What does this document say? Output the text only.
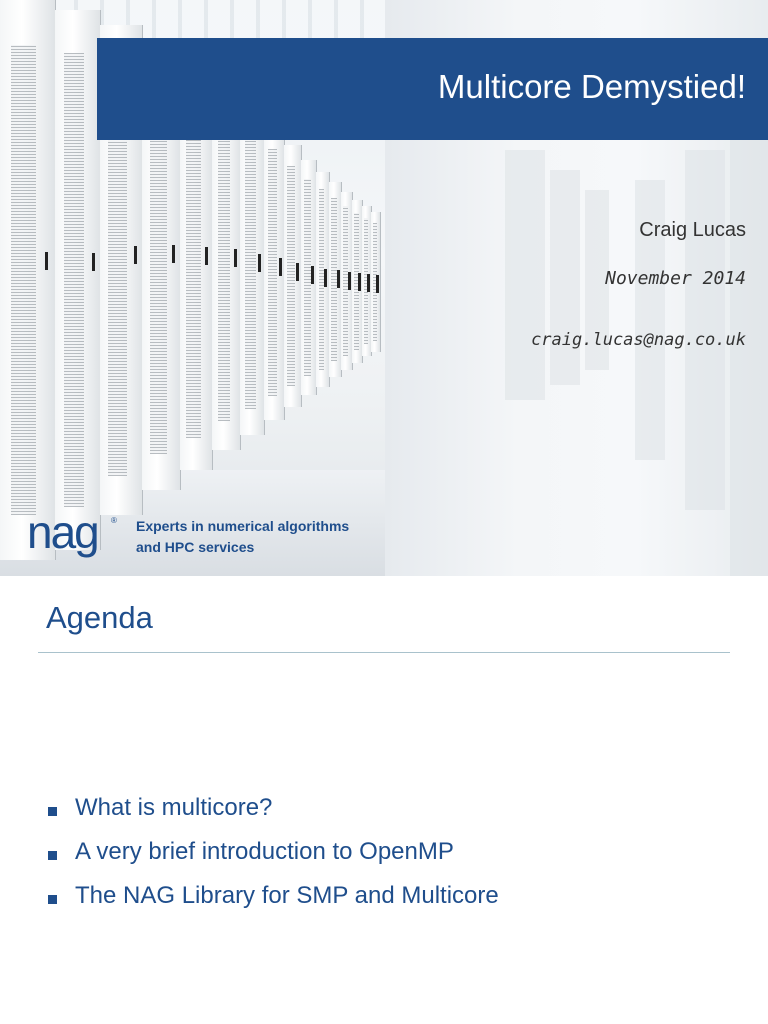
Multicore Demystied!
Craig Lucas
November 2014
craig.lucas@nag.co.uk
nag ® Experts in numerical algorithms
and HPC services
Agenda
What is multicore?
A very brief introduction to OpenMP
The NAG Library for SMP and Multicore
